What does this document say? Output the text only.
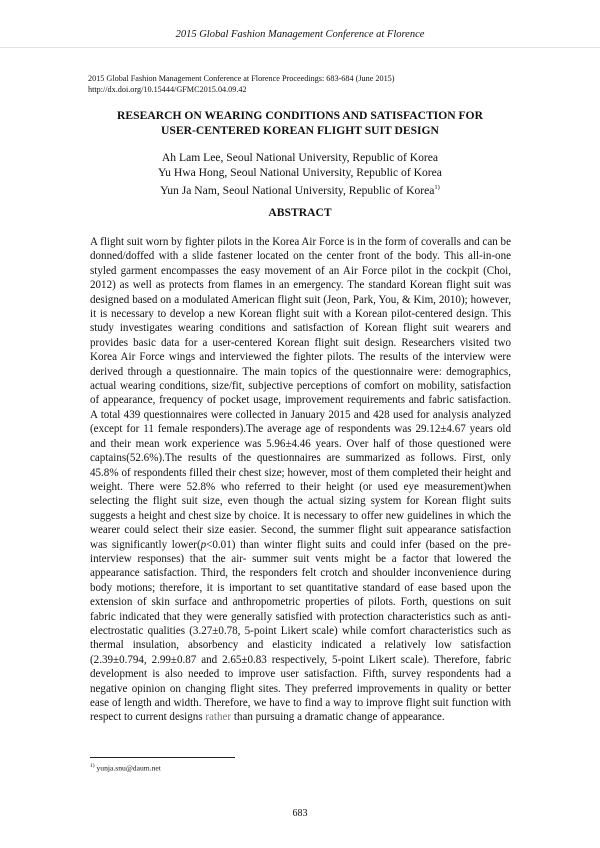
2015 Global Fashion Management Conference at Florence
2015 Global Fashion Management Conference at Florence Proceedings: 683-684 (June 2015)
http://dx.doi.org/10.15444/GFMC2015.04.09.42
RESEARCH ON WEARING CONDITIONS AND SATISFACTION FOR
USER-CENTERED KOREAN FLIGHT SUIT DESIGN
Ah Lam Lee, Seoul National University, Republic of Korea
Yu Hwa Hong, Seoul National University, Republic of Korea
Yun Ja Nam, Seoul National University, Republic of Korea$^{1)}$
ABSTRACT
A flight suit worn by fighter pilots in the Korea Air Force is in the form of coveralls and can be donned/doffed with a slide fastener located on the center front of the body. This all-in-one styled garment encompasses the easy movement of an Air Force pilot in the cockpit (Choi, 2012) as well as protects from flames in an emergency. The standard Korean flight suit was designed based on a modulated American flight suit (Jeon, Park, You, & Kim, 2010); however, it is necessary to develop a new Korean flight suit with a Korean pilot-centered design. This study investigates wearing conditions and satisfaction of Korean flight suit wearers and provides basic data for a user-centered Korean flight suit design. Researchers visited two Korea Air Force wings and interviewed the fighter pilots. The results of the interview were derived through a questionnaire. The main topics of the questionnaire were: demographics, actual wearing conditions, size/fit, subjective perceptions of comfort on mobility, satisfaction of appearance, frequency of pocket usage, improvement requirements and fabric satisfaction. A total 439 questionnaires were collected in January 2015 and 428 used for analysis analyzed (except for 11 female responders).The average age of respondents was 29.12±4.67 years old and their mean work experience was 5.96±4.46 years. Over half of those questioned were captains(52.6%).The results of the questionnaires are summarized as follows. First, only 45.8% of respondents filled their chest size; however, most of them completed their height and weight. There were 52.8% who referred to their height (or used eye measurement)when selecting the flight suit size, even though the actual sizing system for Korean flight suits suggests a height and chest size by choice. It is necessary to offer new guidelines in which the wearer could select their size easier. Second, the summer flight suit appearance satisfaction was significantly lower(p<0.01) than winter flight suits and could infer (based on the pre-interview responses) that the air- summer suit vents might be a factor that lowered the appearance satisfaction. Third, the responders felt crotch and shoulder inconvenience during body motions; therefore, it is important to set quantitative standard of ease based upon the extension of skin surface and anthropometric properties of pilots. Forth, questions on suit fabric indicated that they were generally satisfied with protection characteristics such as anti-electrostatic qualities (3.27±0.78, 5-point Likert scale) while comfort characteristics such as thermal insulation, absorbency and elasticity indicated a relatively low satisfaction (2.39±0.794, 2.99±0.87 and 2.65±0.83 respectively, 5-point Likert scale). Therefore, fabric development is also needed to improve user satisfaction. Fifth, survey respondents had a negative opinion on changing flight sites. They preferred improvements in quality or better ease of length and width. Therefore, we have to find a way to improve flight suit function with respect to current designs rather than pursuing a dramatic change of appearance.
$^{1)}$ yunja.snu@daum.net
683
